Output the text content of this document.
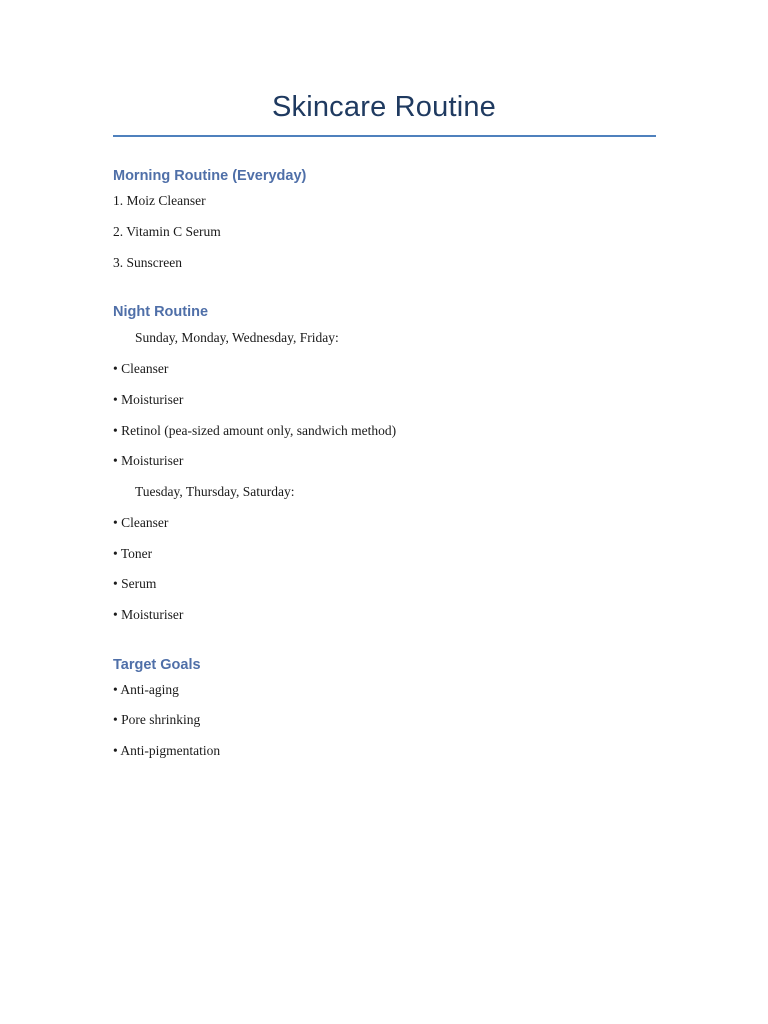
Skincare Routine
Morning Routine (Everyday)
1. Moiz Cleanser
2. Vitamin C Serum
3. Sunscreen
Night Routine
Sunday, Monday, Wednesday, Friday:
• Cleanser
• Moisturiser
• Retinol (pea-sized amount only, sandwich method)
• Moisturiser
Tuesday, Thursday, Saturday:
• Cleanser
• Toner
• Serum
• Moisturiser
Target Goals
• Anti-aging
• Pore shrinking
• Anti-pigmentation
